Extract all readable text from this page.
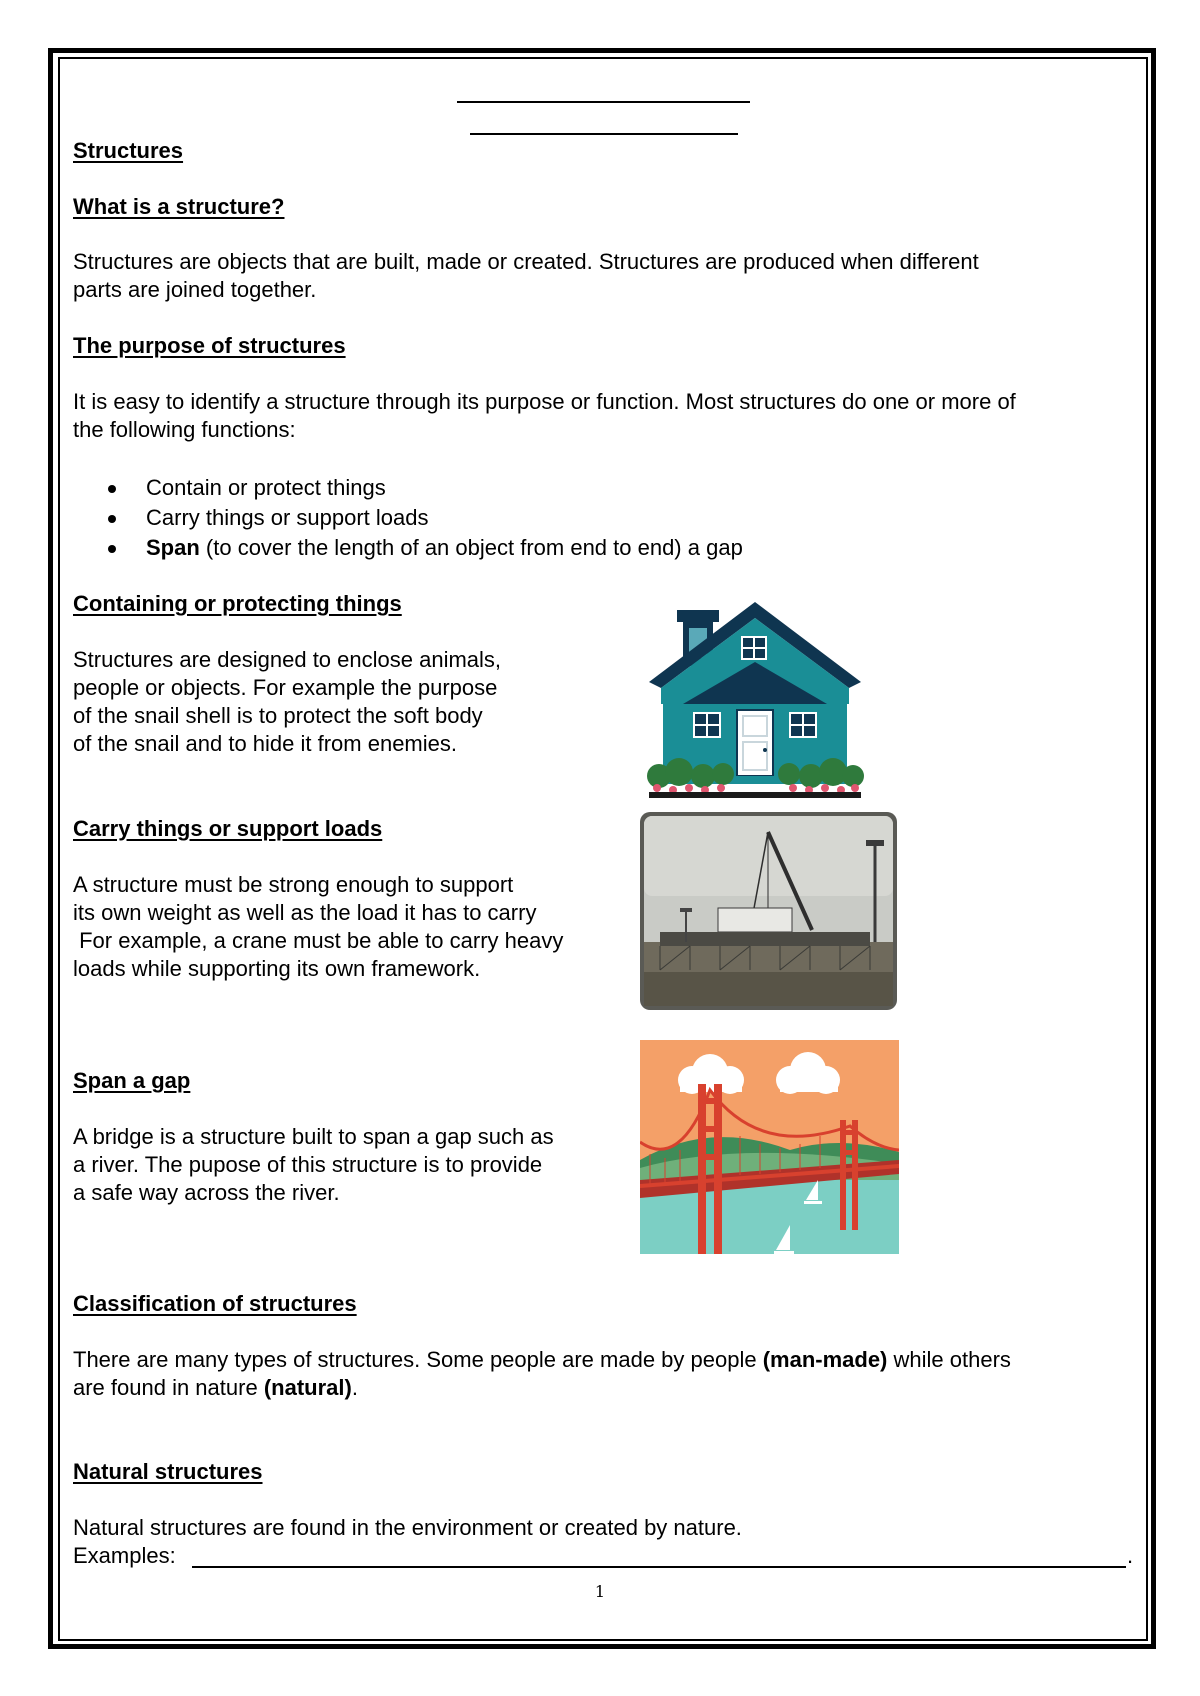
Structures
What is a structure?
Structures are objects that are built, made or created. Structures are produced when different
parts are joined together.
The purpose of structures
It is easy to identify a structure through its purpose or function. Most structures do one or more of
the following functions:
Contain or protect things
Carry things or support loads
Span (to cover the length of an object from end to end) a gap
Containing or protecting things
Structures are designed to enclose animals,
people or objects. For example the purpose
of the snail shell is to protect the soft body
of the snail and to hide it from enemies.
Carry things or support loads
A structure must be strong enough to support
its own weight as well as the load it has to carry
For example, a crane must be able to carry heavy
loads while supporting its own framework.
Span a gap
A bridge is a structure built to span a gap such as
a river. The pupose of this structure is to provide
a safe way across the river.
Classification of structures
There are many types of structures. Some people are made by people (man-made) while others
are found in nature (natural).
Natural structures
Natural structures are found in the environment or created by nature.
Examples:	.
1
